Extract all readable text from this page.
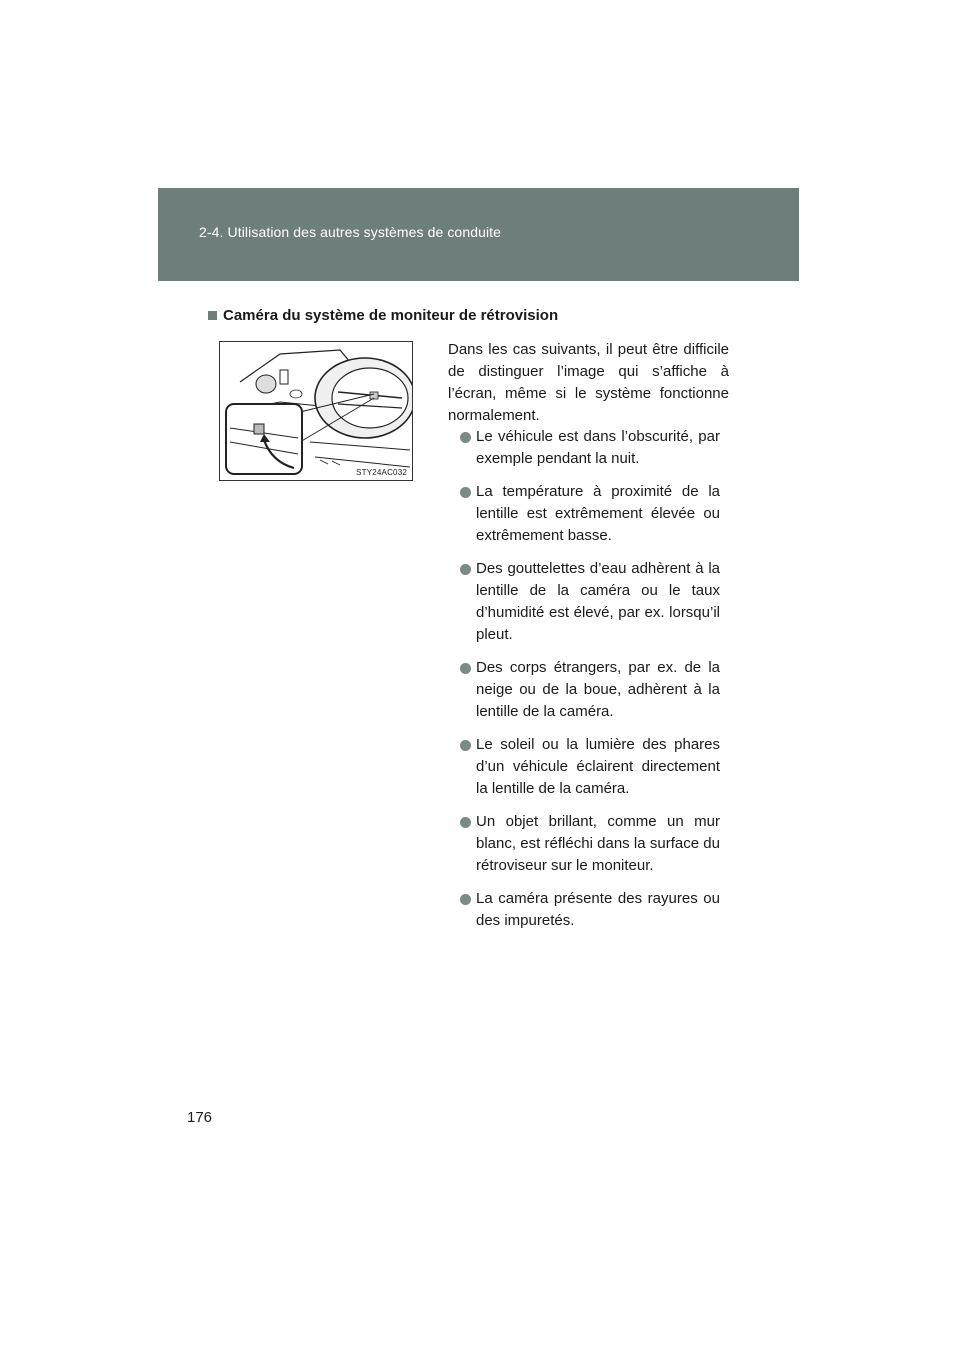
2-4. Utilisation des autres systèmes de conduite
Caméra du système de moniteur de rétrovision
STY24AC032
Dans les cas suivants, il peut être difficile de distinguer l’image qui s’affiche à l’écran, même si le système fonctionne normalement.
Le véhicule est dans l’obscurité, par exemple pendant la nuit.
La température à proximité de la lentille est extrêmement élevée ou extrêmement basse.
Des gouttelettes d’eau adhèrent à la lentille de la caméra ou le taux d’humidité est élevé, par ex. lorsqu’il pleut.
Des corps étrangers, par ex. de la neige ou de la boue, adhèrent à la lentille de la caméra.
Le soleil ou la lumière des phares d’un véhicule éclairent directement la lentille de la caméra.
Un objet brillant, comme un mur blanc, est réfléchi dans la surface du rétroviseur sur le moniteur.
La caméra présente des rayures ou des impuretés.
176
